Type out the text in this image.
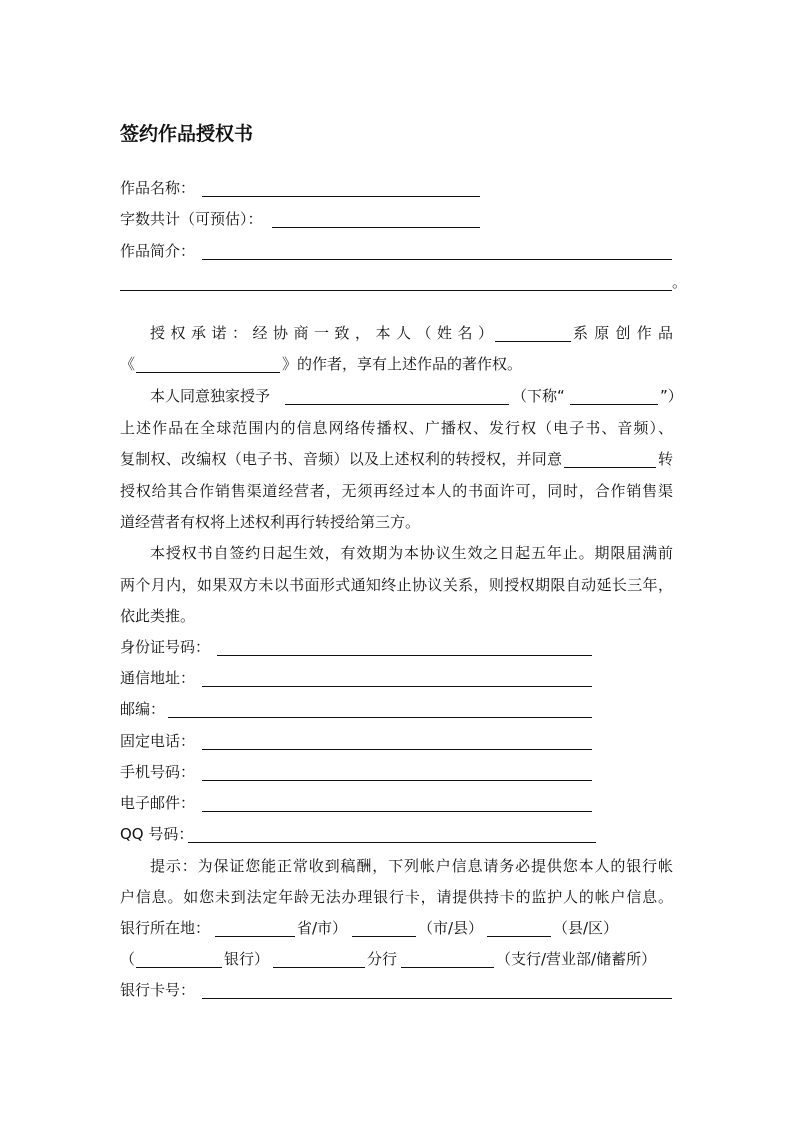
签约作品授权书
作品名称：
字数共计（可预估）：
作品简介：
。
授权承诺：经协商一致，本人（姓名）	系原创作品
《	》的作者，享有上述作品的著作权。
本人同意独家授予	（下称“	”）
上述作品在全球范围内的信息网络传播权、广播权、发行权（电子书、音频）、
复制权、改编权（电子书、音频）以及上述权利的转授权，并同意	转
授权给其合作销售渠道经营者，无须再经过本人的书面许可，同时，合作销售渠
道经营者有权将上述权利再行转授给第三方。
本授权书自签约日起生效，有效期为本协议生效之日起五年止。期限届满前
两个月内，如果双方未以书面形式通知终止协议关系，则授权期限自动延长三年，
依此类推。
身份证号码：
通信地址：
邮编：
固定电话：
手机号码：
电子邮件：
QQ 号码：
提示：为保证您能正常收到稿酬，下列帐户信息请务必提供您本人的银行帐
户信息。如您未到法定年龄无法办理银行卡，请提供持卡的监护人的帐户信息。
银行所在地：	省/市）	（市/县）	（县/区）
（	银行）	分行	（支行/营业部/储蓄所）
银行卡号：
